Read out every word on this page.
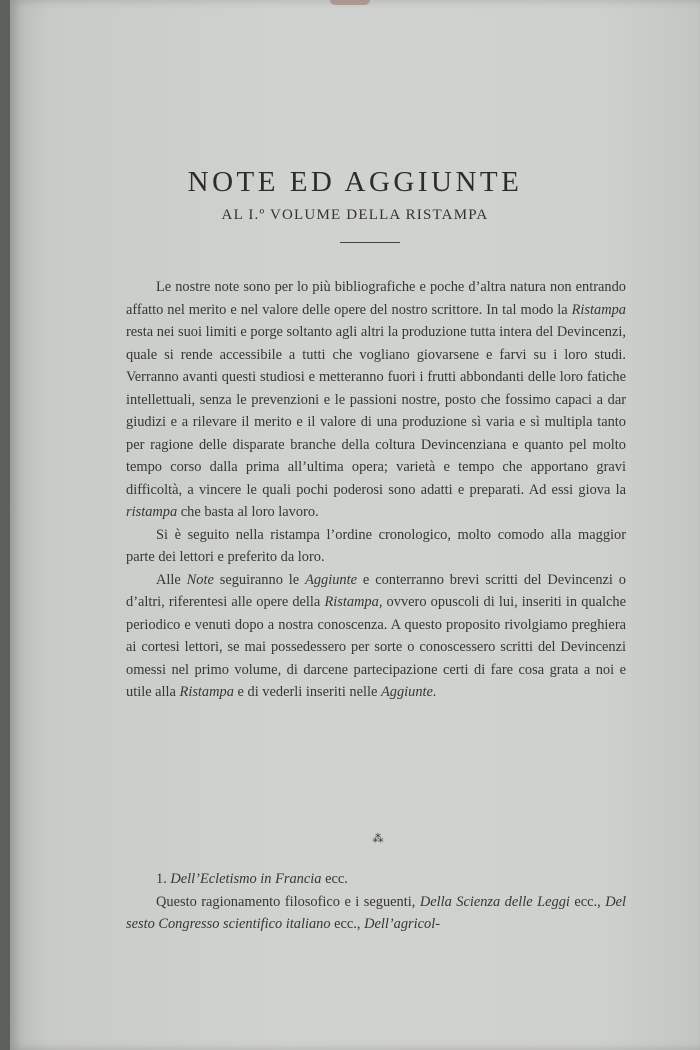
NOTE ED AGGIUNTE
AL I.º VOLUME DELLA RISTAMPA

Le nostre note sono per lo più bibliografiche e poche d’altra natura non entrando affatto nel merito e nel valore delle opere del nostro scrittore. In tal modo la Ristampa resta nei suoi limiti e porge soltanto agli altri la produzione tutta intera del Devincenzi, quale si rende accessibile a tutti che vogliano giovarsene e farvi su i loro studi. Verranno avanti questi studiosi e metteranno fuori i frutti abbondanti delle loro fatiche intellettuali, senza le prevenzioni e le passioni nostre, posto che fossimo capaci a dar giudizi e a rilevare il merito e il valore di una produzione sì varia e sì multipla tanto per ragione delle disparate branche della coltura Devincenziana e quanto pel molto tempo corso dalla prima all’ultima opera; varietà e tempo che apportano gravi difficoltà, a vincere le quali pochi poderosi sono adatti e preparati. Ad essi giova la ristampa che basta al loro lavoro.

Si è seguito nella ristampa l’ordine cronologico, molto comodo alla maggior parte dei lettori e preferito da loro.

Alle Note seguiranno le Aggiunte e conterranno brevi scritti del Devincenzi o d’altri, riferentesi alle opere della Ristampa, ovvero opuscoli di lui, inseriti in qualche periodico e venuti dopo a nostra conoscenza. A questo proposito rivolgiamo preghiera ai cortesi lettori, se mai possedessero per sorte o conoscessero scritti del Devincenzi omessi nel primo volume, di darcene partecipazione certi di fare cosa grata a noi e utile alla Ristampa e di vederli inseriti nelle Aggiunte.

⁂

1. Dell’Ecletismo in Francia ecc.

Questo ragionamento filosofico e i seguenti, Della Scienza delle Leggi ecc., Del sesto Congresso scientifico italiano ecc., Dell’agricol-
